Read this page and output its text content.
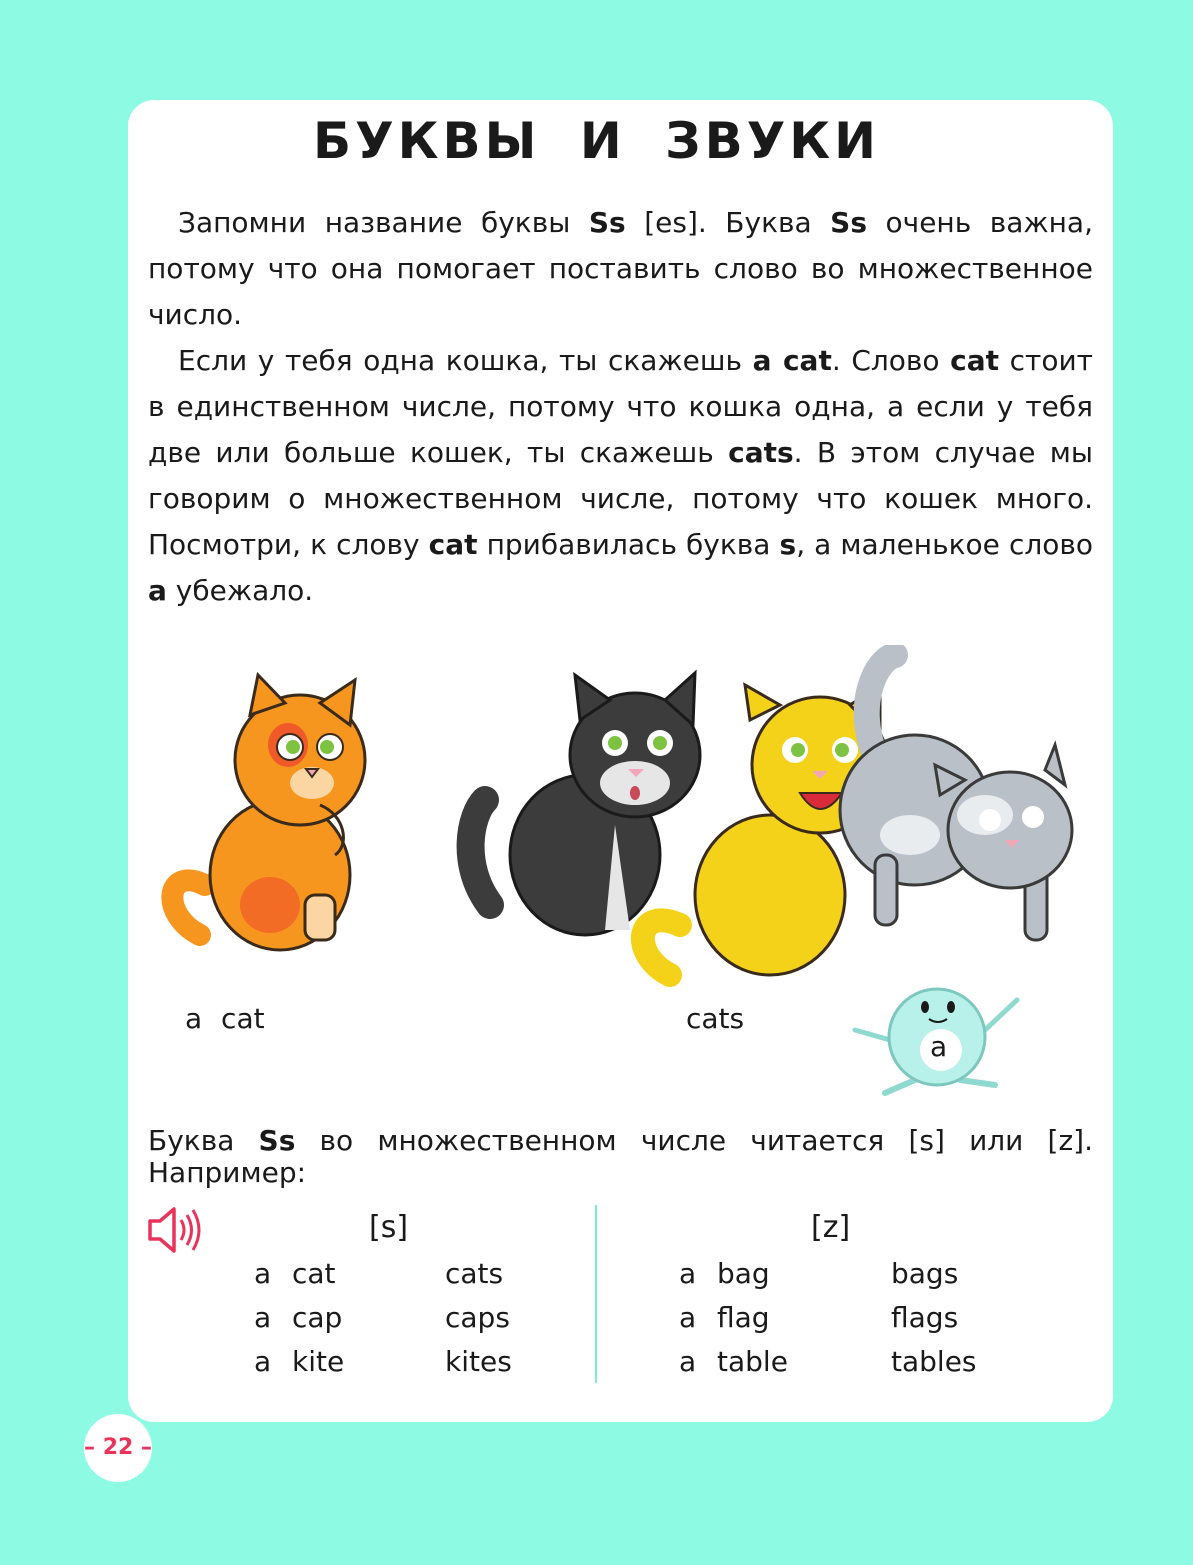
БУКВЫ И ЗВУКИ

Запомни название буквы Ss [es]. Буква Ss очень важна, потому что она помогает поставить слово во множественное число.

Если у тебя одна кошка, ты скажешь a cat. Слово cat стоит в единственном числе, потому что кошка одна, а если у тебя две или больше кошек, ты скажешь cats. В этом случае мы говорим о множественном числе, потому что кошек много. Посмотри, к слову cat прибавилась буква s, а маленькое слово a убежало.

a cat	cats
a
Буква Ss во множественном числе читается [s] или [z].
Например:
[s]	[z]
a cat	cats
a cap	caps
a kite	kites
a bag	bags
a flag	flags
a table	tables
– 22 –
